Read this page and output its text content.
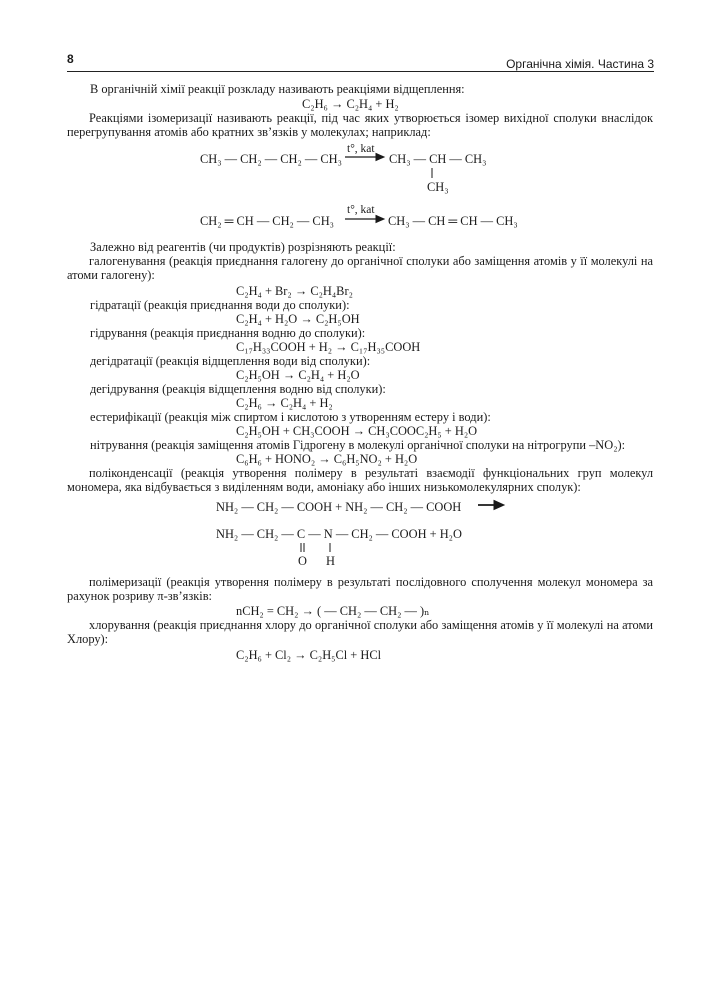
8	Органічна хімія. Частина 3
В органічній хімії реакції розкладу називають реакціями відщеплення:
C₂H₆ → C₂H₄ + H₂
Реакціями ізомеризації називають реакції, під час яких утворюється ізомер вихідної сполуки внаслідок перегрупування атомів або кратних зв’язків у молекулах; наприклад:
CH₃ — CH₂ — CH₂ — CH₃
t°, kat
CH₃ — CH — CH₃
CH₃
CH₂ ═ CH — CH₂ — CH₃
t°, kat
CH₃ — CH ═ CH — CH₃
Залежно від реагентів (чи продуктів) розрізняють реакції:
галогенування (реакція приєднання галогену до органічної сполуки або заміщення атомів у її молекулі на атоми галогену):
C₂H₄ + Br₂ → C₂H₄Br₂
гідратації (реакція приєднання води до сполуки):
C₂H₄ + H₂O → C₂H₅OH
гідрування (реакція приєднання водню до сполуки):
C₁₇H₃₃COOH + H₂ → C₁₇H₃₅COOH
дегідратації (реакція відщеплення води від сполуки):
C₂H₅OH → C₂H₄ + H₂O
дегідрування (реакція відщеплення водню від сполуки):
C₂H₆ → C₂H₄ + H₂
естерифікації (реакція між спиртом і кислотою з утворенням естеру і води):
C₂H₅OH + CH₃COOH → CH₃COOC₂H₅ + H₂O
нітрування (реакція заміщення атомів Гідрогену в молекулі органічної сполуки на нітрогрупи –NO₂):
C₆H₆ + HONO₂ → C₆H₅NO₂ + H₂O
поліконденсації (реакція утворення полімеру в результаті взаємодії функціональних груп молекул мономера, яка відбувається з виділенням води, амоніаку або інших низькомолекулярних сполук):
NH₂ — CH₂ — COOH + NH₂ — CH₂ — COOH
NH₂ — CH₂ — C — N — CH₂ — COOH + H₂O
O H
полімеризації (реакція утворення полімеру в результаті послідовного сполучення молекул мономера за рахунок розриву π-зв’язків:
nCH₂ = CH₂ → ( — CH₂ — CH₂ — )ₙ
хлорування (реакція приєднання хлору до органічної сполуки або заміщення атомів у її молекулі на атоми Хлору):
C₂H₆ + Cl₂ → C₂H₅Cl + HCl
